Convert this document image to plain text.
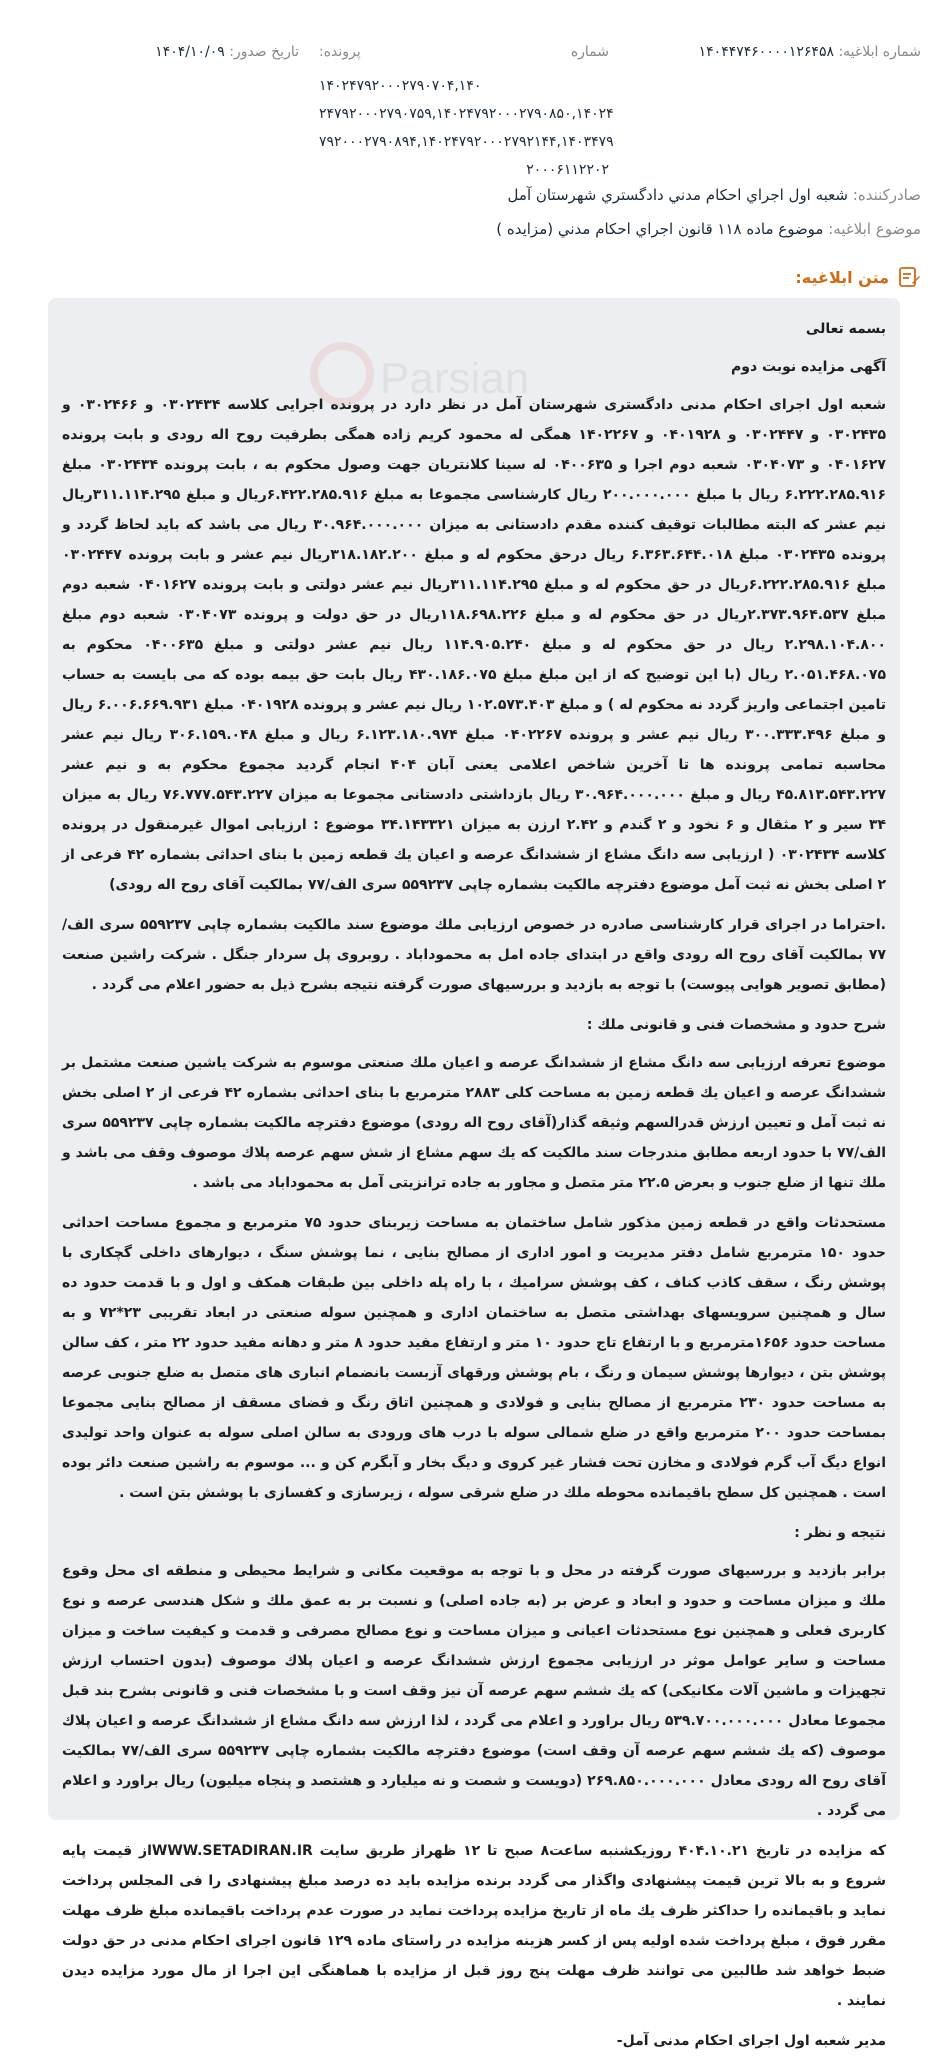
شماره ابلاغيه: ۱۴۰۴۴۷۴۶۰۰۰۰۱۲۶۴۵۸
شماره
پرونده:
۱۴۰۲۴۷۹۲۰۰۰۲۷۹۰۷۰۴,۱۴۰
۲۴۷۹۲۰۰۰۲۷۹۰۷۵۹,۱۴۰۲۴۷۹۲۰۰۰۲۷۹۰۸۵۰,۱۴۰۲۴
۷۹۲۰۰۰۲۷۹۰۸۹۴,۱۴۰۲۴۷۹۲۰۰۰۲۷۹۲۱۴۴,۱۴۰۳۴۷۹
۲۰۰۰۶۱۱۲۲۰۲
تاريخ صدور: ۱۴۰۴/۱۰/۰۹
صادرکننده: شعبه اول اجراي احكام مدني دادگستري شهرستان آمل
موضوع ابلاغيه: موضوع ماده ۱۱۸ قانون اجراي احكام مدني (مزايده )
متن ابلاغيه:

بسمه تعالی

آگهی مزایده نوبت دوم

شعبه اول اجرای احکام مدنی دادگستری شهرستان آمل در نظر دارد در پرونده اجرایی کلاسه ۰۳۰۲۴۳۴ و ۰۳۰۲۴۶۶ و ۰۳۰۲۴۳۵ و ۰۳۰۲۴۴۷ و ۰۴۰۱۹۲۸ و ۱۴۰۲۲۶۷ همگی له محمود کریم زاده همگی بطرفیت روح اله رودی و بابت پرونده ۰۴۰۱۶۲۷ و ۰۳۰۴۰۷۳ شعبه دوم اجرا و ۰۴۰۰۶۳۵ له سینا کلانتریان جهت وصول محکوم به ، بابت پرونده ۰۳۰۲۴۳۴ مبلغ ۶.۲۲۲.۲۸۵.۹۱۶ ریال با مبلغ ۲۰۰.۰۰۰.۰۰۰ ریال کارشناسی مجموعا به مبلغ ۶.۴۲۲.۲۸۵.۹۱۶ریال و مبلغ ۳۱۱.۱۱۴.۲۹۵ریال نیم عشر که البته مطالبات توقیف کننده مقدم دادستانی به میزان ۳۰.۹۶۴.۰۰۰.۰۰۰ ریال می باشد که باید لحاظ گردد و پرونده ۰۳۰۲۴۳۵ مبلغ ۶.۳۶۳.۶۴۴.۰۱۸ ریال درحق محکوم له و مبلغ ۳۱۸.۱۸۲.۲۰۰ریال نیم عشر و بابت پرونده ۰۳۰۲۴۴۷ مبلغ ۶.۲۲۲.۲۸۵.۹۱۶ریال در حق محکوم له و مبلغ ۳۱۱.۱۱۴.۲۹۵ریال نیم عشر دولتی و بابت پرونده ۰۴۰۱۶۲۷ شعبه دوم مبلغ ۲.۳۷۳.۹۶۴.۵۳۷ریال در حق محکوم له و مبلغ ۱۱۸.۶۹۸.۲۲۶ریال در حق دولت و پرونده ۰۳۰۴۰۷۳ شعبه دوم مبلغ ۲.۲۹۸.۱۰۴.۸۰۰ ریال در حق محکوم له و مبلغ ۱۱۴.۹۰۵.۲۴۰ ریال نیم عشر دولتی و مبلغ ۰۴۰۰۶۳۵ محکوم به ۲.۰۵۱.۴۶۸.۰۷۵ ریال (با این توضیح که از این مبلغ مبلغ ۴۳۰.۱۸۶.۰۷۵ ریال بابت حق بیمه بوده که می بایست به حساب تامین اجتماعی واریز گردد نه محکوم له ) و مبلغ ۱۰۲.۵۷۳.۴۰۳ ریال نیم عشر و پرونده ۰۴۰۱۹۲۸ مبلغ ۶.۰۰۶.۶۶۹.۹۳۱ ریال و مبلغ ۳۰۰.۳۳۳.۴۹۶ ریال نیم عشر و پرونده ۰۴۰۲۲۶۷ مبلغ ۶.۱۲۳.۱۸۰.۹۷۴ ریال و مبلغ ۳۰۶.۱۵۹.۰۴۸ ریال نیم عشر محاسبه تمامی پرونده ها تا آخرین شاخص اعلامی یعنی آبان ۴۰۴ انجام گردید مجموع محکوم به و نیم عشر ۴۵.۸۱۳.۵۴۳.۲۲۷ ریال و مبلغ ۳۰.۹۶۴.۰۰۰.۰۰۰ ریال بازداشتی دادستانی مجموعا به میزان ۷۶.۷۷۷.۵۴۳.۲۲۷ ریال به میزان ۳۴ سیر و ۲ مثقال و ۶ نخود و ۲ گندم و ۲.۴۲ ارزن به میزان ۳۴.۱۴۳۳۲۱ موضوع : ارزیابی اموال غیرمنقول در پرونده کلاسه ۰۳۰۲۴۳۴ ( ارزیابی سه دانگ مشاع از ششدانگ عرصه و اعیان یك قطعه زمین با بنای احداثی بشماره ۴۲ فرعی از ۲ اصلی بخش نه ثبت آمل موضوع دفترچه مالکیت بشماره چاپی ۵۵۹۲۳۷ سری الف/۷۷ بمالکیت آقای روح اله رودی)

.احتراما در اجرای قرار کارشناسی صادره در خصوص ارزیابی ملك موضوع سند مالکیت بشماره چاپی ۵۵۹۲۳۷ سری الف/۷۷ بمالکیت آقای روح اله رودی واقع در ابتدای جاده امل به محموداباد . روبروی پل سردار جنگل . شرکت راشین صنعت (مطابق تصویر هوایی پیوست) با توجه به بازدید و بررسیهای صورت گرفته نتیجه بشرح ذیل به حضور اعلام می گردد .

شرح حدود و مشخصات فنی و قانونی ملك :

موضوع تعرفه ارزیابی سه دانگ مشاع از ششدانگ عرصه و اعیان ملك صنعتی موسوم به شرکت یاشین صنعت مشتمل بر ششدانگ عرصه و اعیان یك قطعه زمین به مساحت کلی ۲۸۸۳ مترمربع با بنای احداثی بشماره ۴۲ فرعی از ۲ اصلی بخش نه ثبت آمل و تعیین ارزش قدرالسهم وثیقه گذار(آقای روح اله رودی) موضوع دفترچه مالکیت بشماره چاپی ۵۵۹۲۳۷ سری الف/۷۷ با حدود اربعه مطابق مندرجات سند مالکیت که یك سهم مشاع از شش سهم عرصه پلاك موصوف وقف می باشد و ملك تنها از ضلع جنوب و بعرض ۲۲.۵ متر متصل و مجاور به جاده ترانزیتی آمل به محموداباد می باشد .

مستحدثات واقع در قطعه زمین مذکور شامل ساختمان به مساحت زیربنای حدود ۷۵ مترمربع و مجموع مساحت احداثی حدود ۱۵۰ مترمربع شامل دفتر مدیریت و امور اداری از مصالح بنایی ، نما پوشش سنگ ، دیوارهای داخلی گچکاری با پوشش رنگ ، سقف کاذب کناف ، کف پوشش سرامیك ، با راه پله داخلی بین طبقات همکف و اول و با قدمت حدود ده سال و همچنین سرویسهای بهداشتی متصل به ساختمان اداری و همچنین سوله صنعتی در ابعاد تقریبی ۲۳*۷۲ و به مساحت حدود ۱۶۵۶مترمربع و با ارتفاع تاج حدود ۱۰ متر و ارتفاع مفید حدود ۸ متر و دهانه مفید حدود ۲۲ متر ، کف سالن پوشش بتن ، دیوارها پوشش سیمان و رنگ ، بام پوشش ورقهای آزبست بانضمام انباری های متصل به ضلع جنوبی عرصه به مساحت حدود ۲۳۰ مترمربع از مصالح بنایی و فولادی و همچنین اتاق رنگ و فضای مسقف از مصالح بنایی مجموعا بمساحت حدود ۲۰۰ مترمربع واقع در ضلع شمالی سوله با درب های ورودی به سالن اصلی سوله به عنوان واحد تولیدی انواع دیگ آب گرم فولادی و مخازن تحت فشار غیر کروی و دیگ بخار و آبگرم کن و ... موسوم به راشین صنعت دائر بوده است . همچنین کل سطح باقیمانده محوطه ملك در ضلع شرقی سوله ، زیرسازی و کفسازی با پوشش بتن است .

نتیجه و نظر :

برابر بازدید و بررسیهای صورت گرفته در محل و با توجه به موقعیت مکانی و شرایط محیطی و منطقه ای محل وقوع ملك و میزان مساحت و حدود و ابعاد و عرض بر (به جاده اصلی) و نسبت بر به عمق ملك و شکل هندسی عرصه و نوع کاربری فعلی و همچنین نوع مستحدثات اعیانی و میزان مساحت و نوع مصالح مصرفی و قدمت و کیفیت ساخت و میزان مساحت و سایر عوامل موثر در ارزیابی مجموع ارزش ششدانگ عرصه و اعیان پلاك موصوف (بدون احتساب ارزش تجهیزات و ماشین آلات مکانیکی) که یك ششم سهم عرصه آن نیز وقف است و با مشخصات فنی و قانونی بشرح بند قبل مجموعا معادل ۵۳۹.۷۰۰.۰۰۰.۰۰۰ ریال براورد و اعلام می گردد ، لذا ارزش سه دانگ مشاع از ششدانگ عرصه و اعیان پلاك موصوف (که یك ششم سهم عرصه آن وقف است) موضوع دفترچه مالکیت بشماره چاپی ۵۵۹۲۳۷ سری الف/۷۷ بمالکیت آقای روح اله رودی معادل ۲۶۹.۸۵۰.۰۰۰.۰۰۰ (دویست و شصت و نه میلیارد و هشتصد و پنجاه میلیون) ریال براورد و اعلام می گردد .

که مزایده در تاریخ ۴۰۴.۱۰.۲۱ روزیکشنبه ساعت۸ صبح تا ۱۲ ظهراز طریق سایت WWW.SETADIRAN.IRاز قیمت پایه شروع و به بالا ترین قیمت پیشنهادی واگذار می گردد برنده مزایده باید ده درصد مبلغ پیشنهادی را فی المجلس پرداخت نماید و باقیمانده را حداکثر ظرف یك ماه از تاریخ مزایده پرداخت نماید در صورت عدم پرداخت باقیمانده مبلغ ظرف مهلت مقرر فوق ، مبلغ پرداخت شده اولیه پس از کسر هزینه مزایده در راستای ماده ۱۲۹ قانون اجرای احکام مدنی در حق دولت ضبط خواهد شد طالبین می توانند ظرف مهلت پنج روز قبل از مزایده با هماهنگی این اجرا از مال مورد مزایده دیدن نمایند .

مدیر شعبه اول اجرای احکام مدنی آمل-

Parsian
